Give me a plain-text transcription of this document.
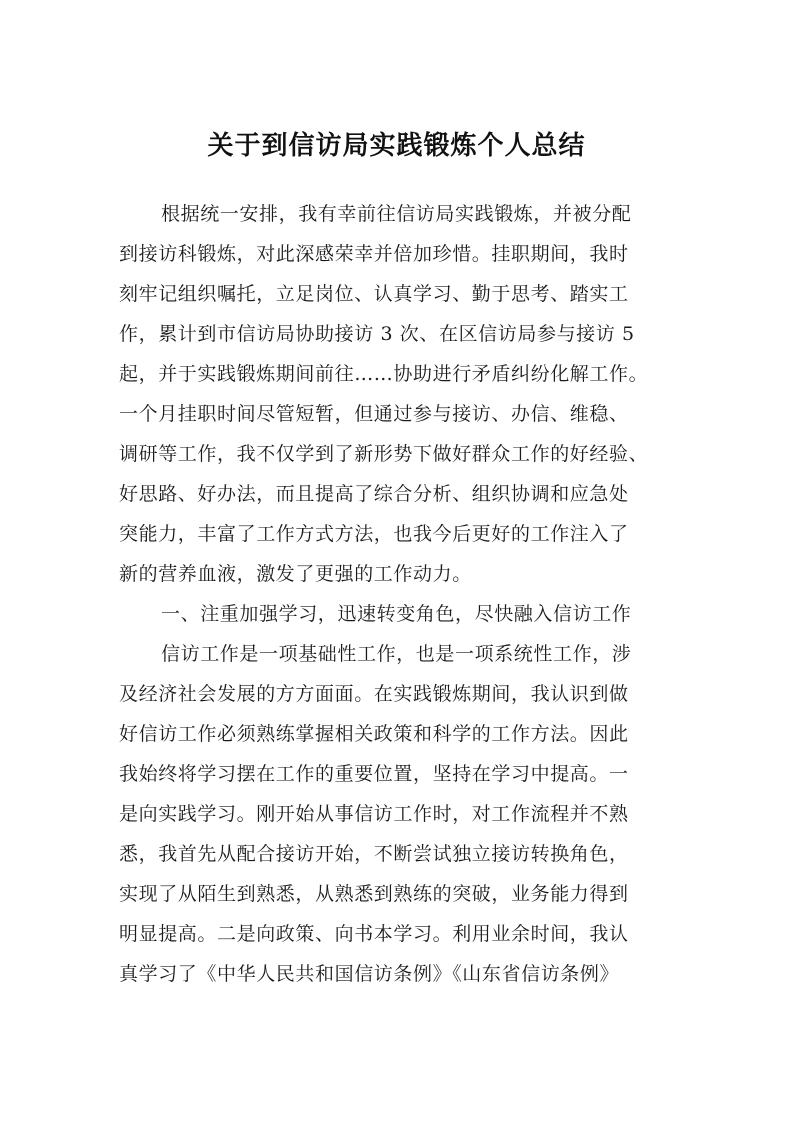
关于到信访局实践锻炼个人总结

根据统一安排，我有幸前往信访局实践锻炼，并被分配

到接访科锻炼，对此深感荣幸并倍加珍惜。挂职期间，我时

刻牢记组织嘱托，立足岗位、认真学习、勤于思考、踏实工

作，累计到市信访局协助接访 3 次、在区信访局参与接访 5

起，并于实践锻炼期间前往……协助进行矛盾纠纷化解工作。

一个月挂职时间尽管短暂，但通过参与接访、办信、维稳、

调研等工作，我不仅学到了新形势下做好群众工作的好经验、

好思路、好办法，而且提高了综合分析、组织协调和应急处

突能力，丰富了工作方式方法，也我今后更好的工作注入了

新的营养血液，激发了更强的工作动力。

一、注重加强学习，迅速转变角色，尽快融入信访工作

信访工作是一项基础性工作，也是一项系统性工作，涉

及经济社会发展的方方面面。在实践锻炼期间，我认识到做

好信访工作必须熟练掌握相关政策和科学的工作方法。因此

我始终将学习摆在工作的重要位置，坚持在学习中提高。一

是向实践学习。刚开始从事信访工作时，对工作流程并不熟

悉，我首先从配合接访开始，不断尝试独立接访转换角色，

实现了从陌生到熟悉，从熟悉到熟练的突破，业务能力得到

明显提高。二是向政策、向书本学习。利用业余时间，我认

真学习了《中华人民共和国信访条例》《山东省信访条例》
